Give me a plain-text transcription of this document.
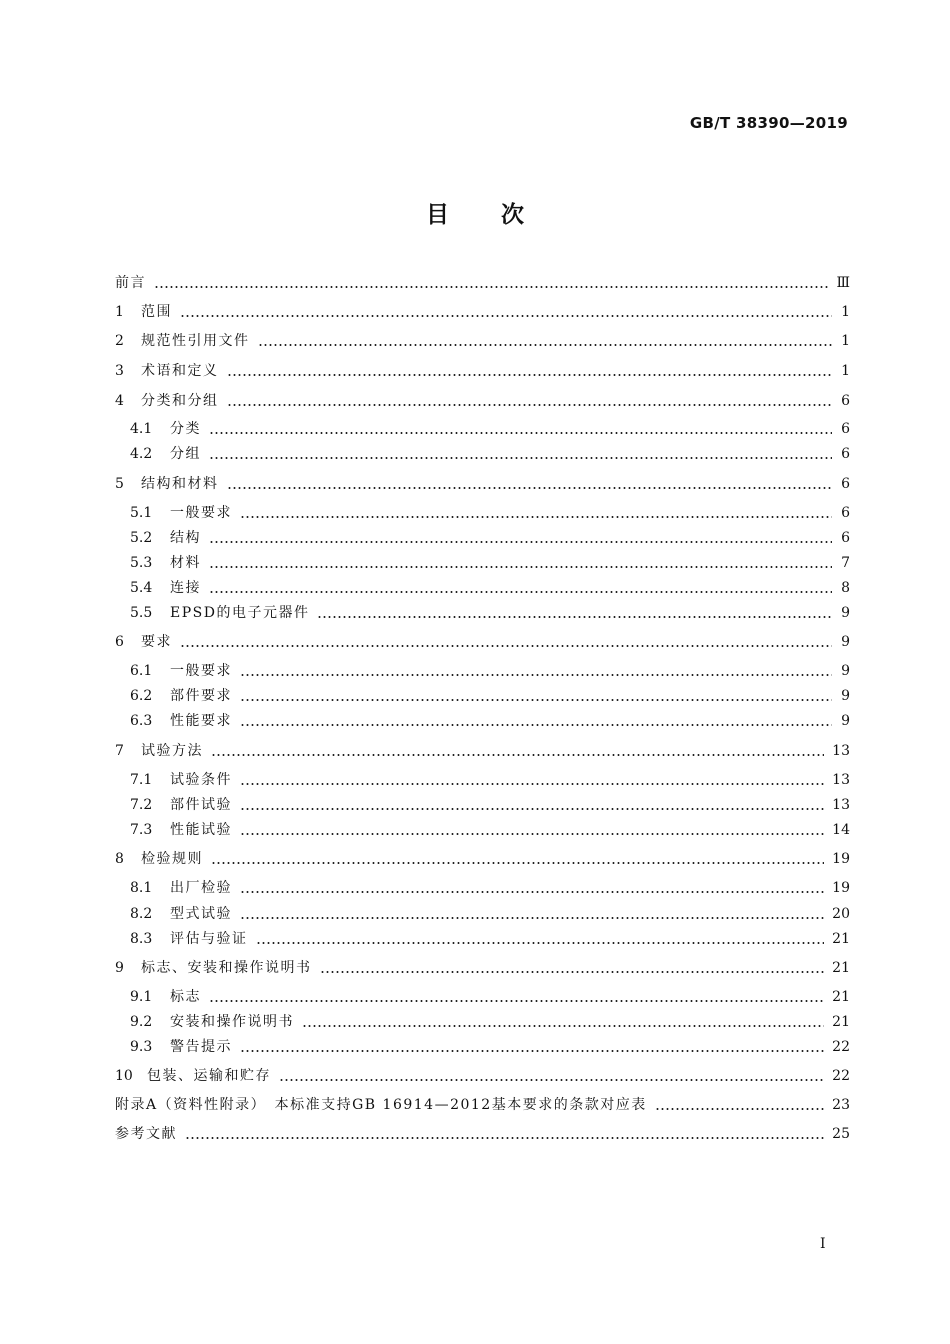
GB/T 38390—2019
目 次
前言	Ⅲ
1	范围	1
2	规范性引用文件	1
3	术语和定义	1
4	分类和分组	6
4.1	分类	6
4.2	分组	6
5	结构和材料	6
5.1	一般要求	6
5.2	结构	6
5.3	材料	7
5.4	连接	8
5.5	EPSD的电子元器件	9
6	要求	9
6.1	一般要求	9
6.2	部件要求	9
6.3	性能要求	9
7	试验方法	13
7.1	试验条件	13
7.2	部件试验	13
7.3	性能试验	14
8	检验规则	19
8.1	出厂检验	19
8.2	型式试验	20
8.3	评估与验证	21
9	标志、安装和操作说明书	21
9.1	标志	21
9.2	安装和操作说明书	21
9.3	警告提示	22
10	包装、运输和贮存	22
附录A（资料性附录）　本标准支持GB 16914—2012基本要求的条款对应表	23
参考文献	25
Ⅰ
